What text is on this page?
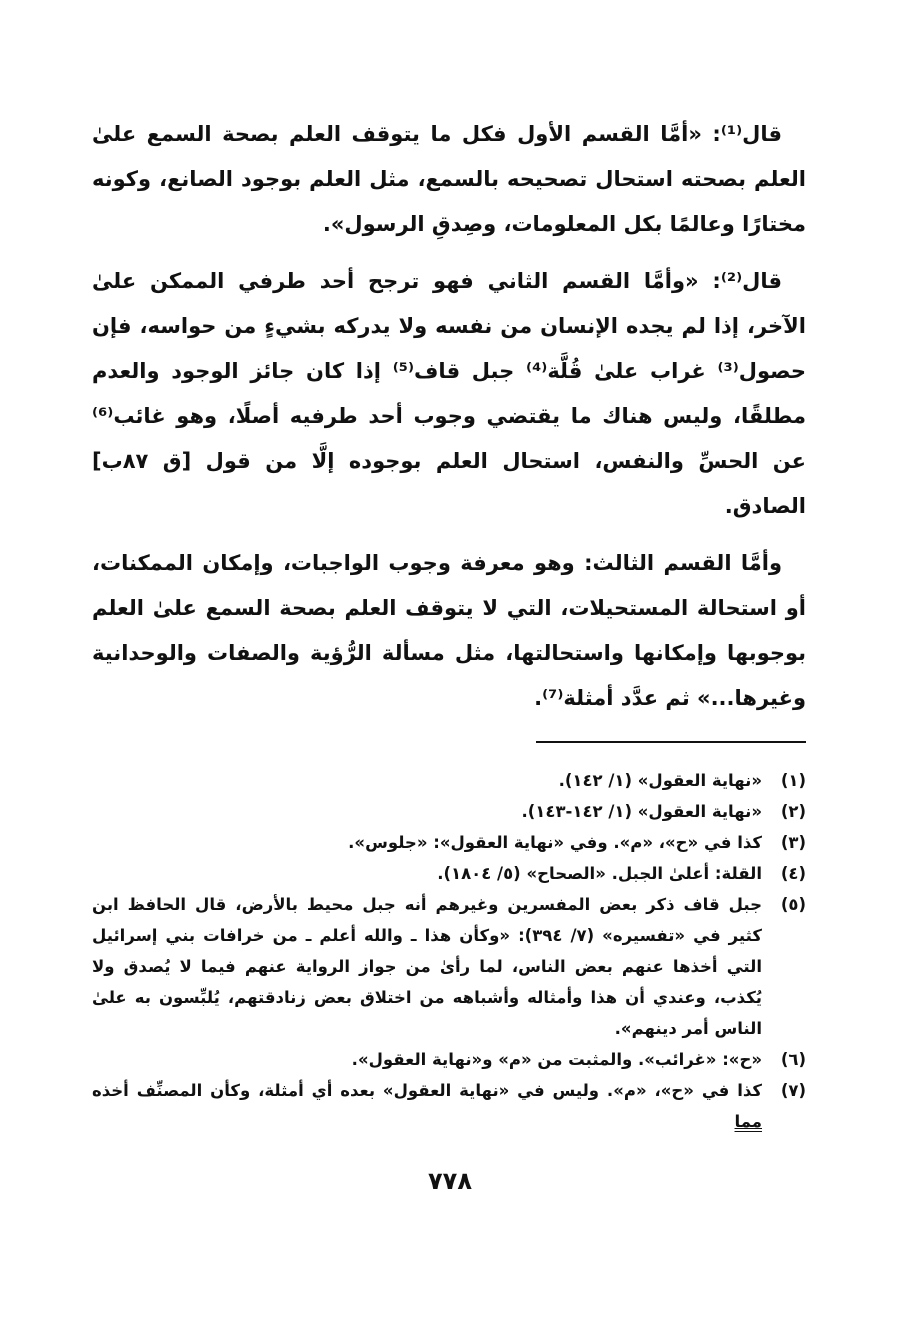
قال⁽¹⁾: «أمَّا القسم الأول فكل ما يتوقف العلم بصحة السمع علىٰ العلم بصحته استحال تصحيحه بالسمع، مثل العلم بوجود الصانع، وكونه مختارًا وعالمًا بكل المعلومات، وصِدقِ الرسول».

قال⁽²⁾: «وأمَّا القسم الثاني فهو ترجح أحد طرفي الممكن علىٰ الآخر، إذا لم يجده الإنسان من نفسه ولا يدركه بشيءٍ من حواسه، فإن حصول⁽³⁾ غراب علىٰ قُلَّة⁽⁴⁾ جبل قاف⁽⁵⁾ إذا كان جائز الوجود والعدم مطلقًا، وليس هناك ما يقتضي وجوب أحد طرفيه أصلًا، وهو غائب⁽⁶⁾ عن الحسِّ والنفس، استحال العلم بوجوده إلَّا من قول [ق ٨٧ب] الصادق.

وأمَّا القسم الثالث: وهو معرفة وجوب الواجبات، وإمكان الممكنات، أو استحالة المستحيلات، التي لا يتوقف العلم بصحة السمع علىٰ العلم بوجوبها وإمكانها واستحالتها، مثل مسألة الرُّؤية والصفات والوحدانية وغيرها...» ثم عدَّد أمثلة⁽⁷⁾.

(١)
«نهاية العقول» (١/ ١٤٢).
(٢)
«نهاية العقول» (١/ ١٤٢-١٤٣).
(٣)
كذا في «ح»، «م». وفي «نهاية العقول»: «جلوس».
(٤)
القلة: أعلىٰ الجبل. «الصحاح» (٥/ ١٨٠٤).
(٥)
جبل قاف ذكر بعض المفسرين وغيرهم أنه جبل محيط بالأرض، قال الحافظ ابن كثير في «تفسيره» (٧/ ٣٩٤): «وكأن هذا ـ والله أعلم ـ من خرافات بني إسرائيل التي أخذها عنهم بعض الناس، لما رأىٰ من جواز الرواية عنهم فيما لا يُصدق ولا يُكذب، وعندي أن هذا وأمثاله وأشباهه من اختلاق بعض زنادقتهم، يُلبِّسون به علىٰ الناس أمر دينهم».
(٦)
«ح»: «غرائب». والمثبت من «م» و«نهاية العقول».
(٧)
كذا في «ح»، «م». وليس في «نهاية العقول» بعده أي أمثلة، وكأن المصنِّف أخذه مما
٧٧٨
